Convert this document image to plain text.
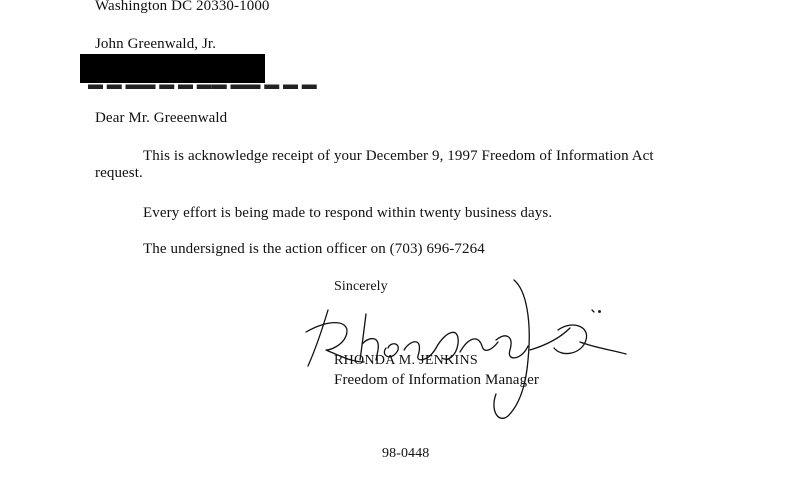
Washington DC 20330-1000
John Greenwald, Jr.
▬ ▬ ▬▬ ▬ ▬ ▬▬ ▬▬ ▬ ▬ ▬
Dear Mr. Greeenwald
This is acknowledge receipt of your December 9, 1997 Freedom of Information Act
request.
Every effort is being made to respond within twenty business days.
The undersigned is the action officer on (703) 696-7264
Sincerely
RHONDA M. JENKINS
Freedom of Information Manager
98-0448
